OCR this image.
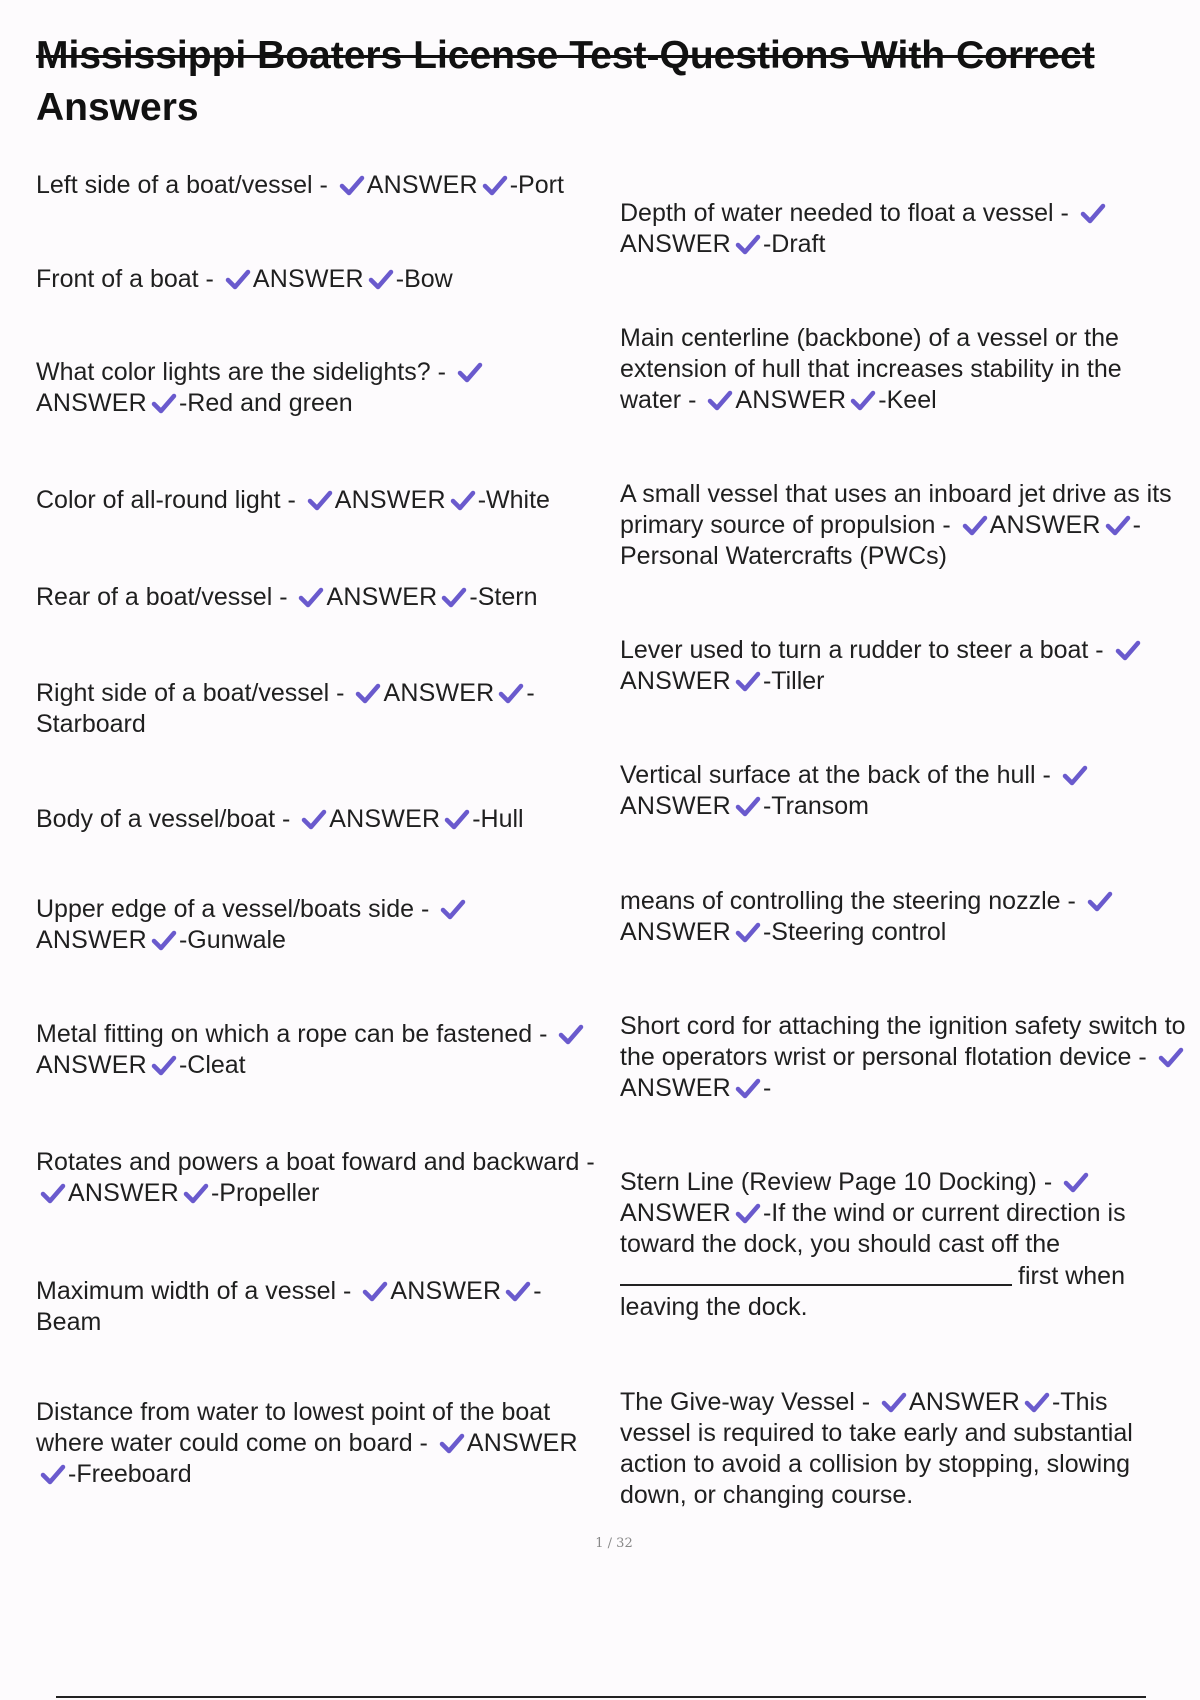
Mississippi Boaters License Test-Questions With Correct
Answers
Left side of a boat/vessel - ANSWER -Port
Front of a boat - ANSWER -Bow
What color lights are the sidelights? -
ANSWER -Red and green
Color of all-round light - ANSWER -White
Rear of a boat/vessel - ANSWER -Stern
Right side of a boat/vessel - ANSWER -Starboard
Body of a vessel/boat - ANSWER -Hull
Upper edge of a vessel/boats side -
ANSWER -Gunwale
Metal fitting on which a rope can be fastened -
ANSWER -Cleat
Rotates and powers a boat foward and backward -
ANSWER -Propeller
Maximum width of a vessel - ANSWER -Beam
Distance from water to lowest point of the boat where water could come on board - ANSWER
-Freeboard
Depth of water needed to float a vessel -
ANSWER -Draft
Main centerline (backbone) of a vessel or the extension of hull that increases stability in the water - ANSWER -Keel
A small vessel that uses an inboard jet drive as its primary source of propulsion - ANSWER -Personal Watercrafts (PWCs)
Lever used to turn a rudder to steer a boat -
ANSWER -Tiller
Vertical surface at the back of the hull -
ANSWER -Transom
means of controlling the steering nozzle -
ANSWER -Steering control
Short cord for attaching the ignition safety switch to the operators wrist or personal flotation device -
ANSWER -
Stern Line (Review Page 10 Docking) -
ANSWER -If the wind or current direction is toward the dock, you should cast off the first when leaving the dock.
The Give-way Vessel - ANSWER -This vessel is required to take early and substantial action to avoid a collision by stopping, slowing down, or changing course.
1 / 32
